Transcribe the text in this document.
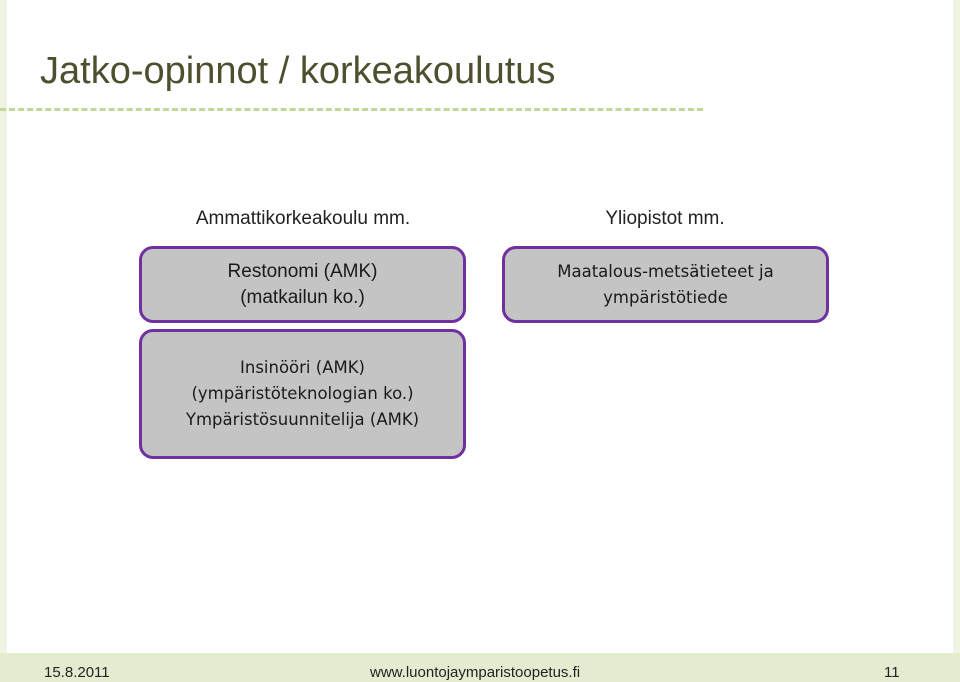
Jatko-opinnot / korkeakoulutus
Ammattikorkeakoulu mm.	Yliopistot mm.
Restonomi (AMK)
(matkailun ko.)
Maatalous-metsätieteet ja
ympäristötiede
Insinööri (AMK)
(ympäristöteknologian ko.)
Ympäristösuunnitelija (AMK)
15.8.2011	www.luontojaymparistoopetus.fi	11
